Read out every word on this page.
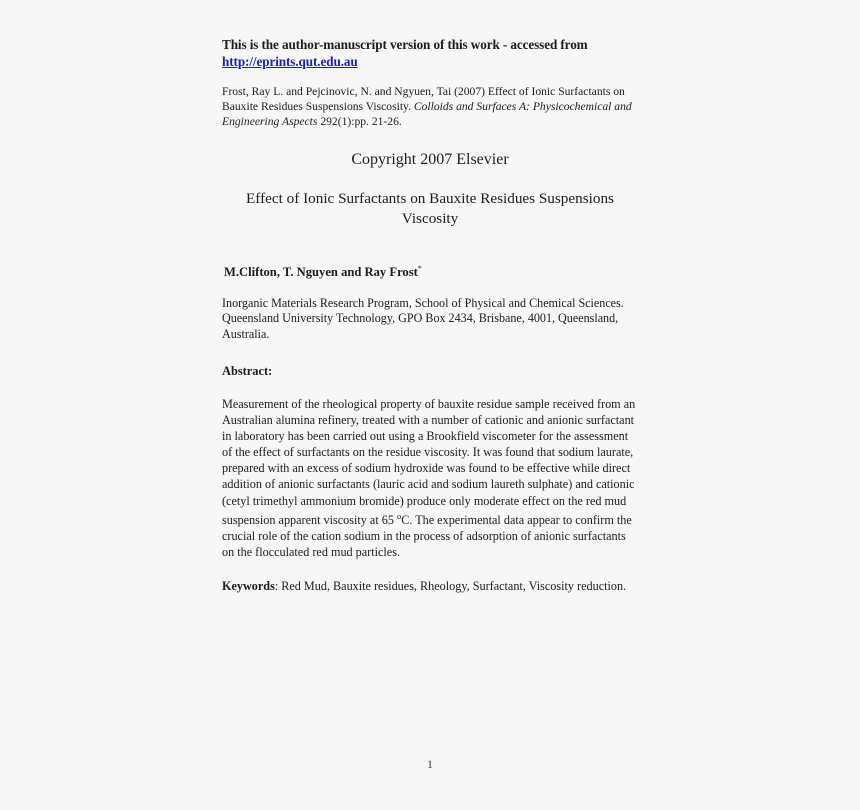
This is the author-manuscript version of this work - accessed from
http://eprints.qut.edu.au
Frost, Ray L. and Pejcinovic, N. and Ngyuen, Tai (2007) Effect of Ionic Surfactants on Bauxite Residues Suspensions Viscosity. Colloids and Surfaces A: Physicochemical and Engineering Aspects 292(1):pp. 21-26.
Copyright 2007 Elsevier
Effect of Ionic Surfactants on Bauxite Residues Suspensions Viscosity
M.Clifton, T. Nguyen and Ray Frost*
Inorganic Materials Research Program, School of Physical and Chemical Sciences. Queensland University Technology, GPO Box 2434, Brisbane, 4001, Queensland, Australia.
Abstract:
Measurement of the rheological property of bauxite residue sample received from an Australian alumina refinery, treated with a number of cationic and anionic surfactant in laboratory has been carried out using a Brookfield viscometer for the assessment of the effect of surfactants on the residue viscosity. It was found that sodium laurate, prepared with an excess of sodium hydroxide was found to be effective while direct addition of anionic surfactants (lauric acid and sodium laureth sulphate) and cationic (cetyl trimethyl ammonium bromide) produce only moderate effect on the red mud suspension apparent viscosity at 65 $^o$C. The experimental data appear to confirm the crucial role of the cation sodium in the process of adsorption of anionic surfactants on the flocculated red mud particles.
Keywords: Red Mud, Bauxite residues, Rheology, Surfactant, Viscosity reduction.
1
